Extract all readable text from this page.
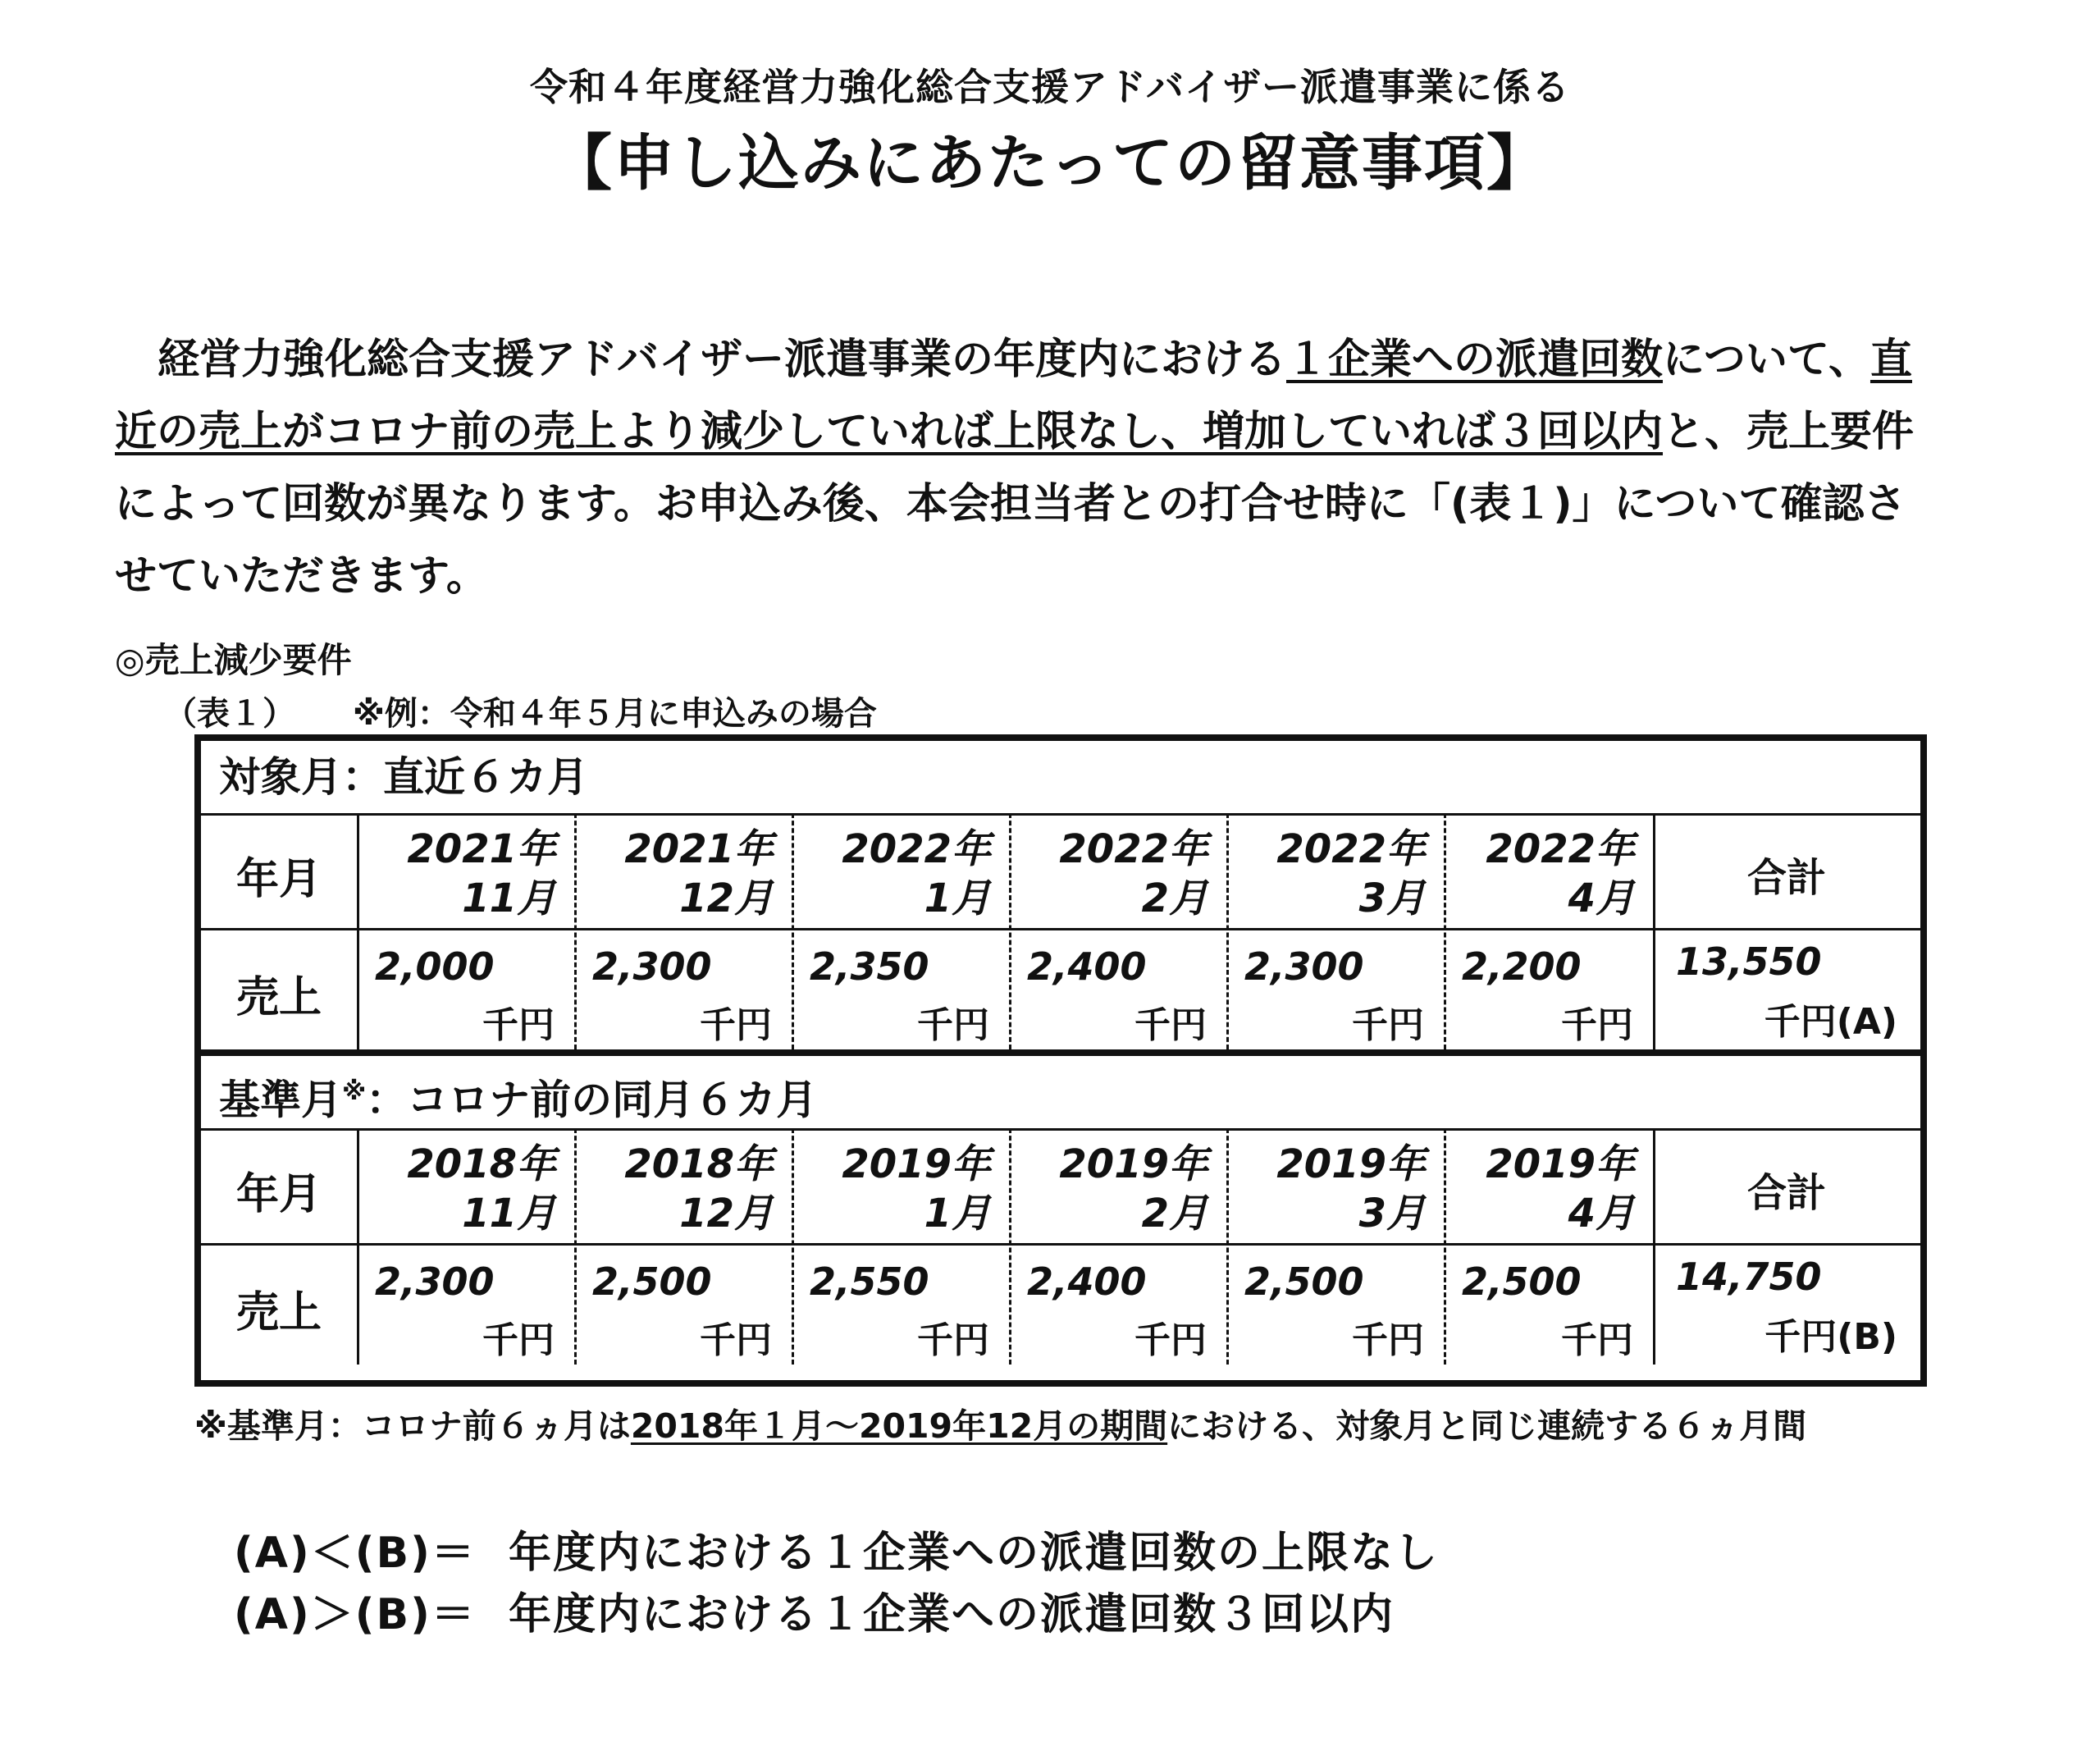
令和４年度経営力強化総合支援アドバイザー派遣事業に係る
【申し込みにあたっての留意事項】
経営力強化総合支援アドバイザー派遣事業の年度内における１企業への派遣回数について、直近の売上がコロナ前の売上より減少していれば上限なし、増加していれば３回以内と、売上要件によって回数が異なります。お申込み後、本会担当者との打合せ時に「(表１)」について確認させていただきます。
◎売上減少要件
（表１） ※例：令和４年５月に申込みの場合
対象月：直近６カ月
年月
売上
2021年
11月
2,000
千円
2021年
12月
2,300
千円
2022年
1月
2,350
千円
2022年
2月
2,400
千円
2022年
3月
2,300
千円
2022年
4月
2,200
千円
合計
13,550
千円(A)
基準月※：コロナ前の同月６カ月
年月
売上
2018年
11月
2,300
千円
2018年
12月
2,500
千円
2019年
1月
2,550
千円
2019年
2月
2,400
千円
2019年
3月
2,500
千円
2019年
4月
2,500
千円
合計
14,750
千円(B)
※基準月：コロナ前６ヵ月は2018年１月～2019年12月の期間における、対象月と同じ連続する６ヵ月間
(A)＜(B)＝ 年度内における１企業への派遣回数の上限なし
(A)＞(B)＝ 年度内における１企業への派遣回数３回以内
